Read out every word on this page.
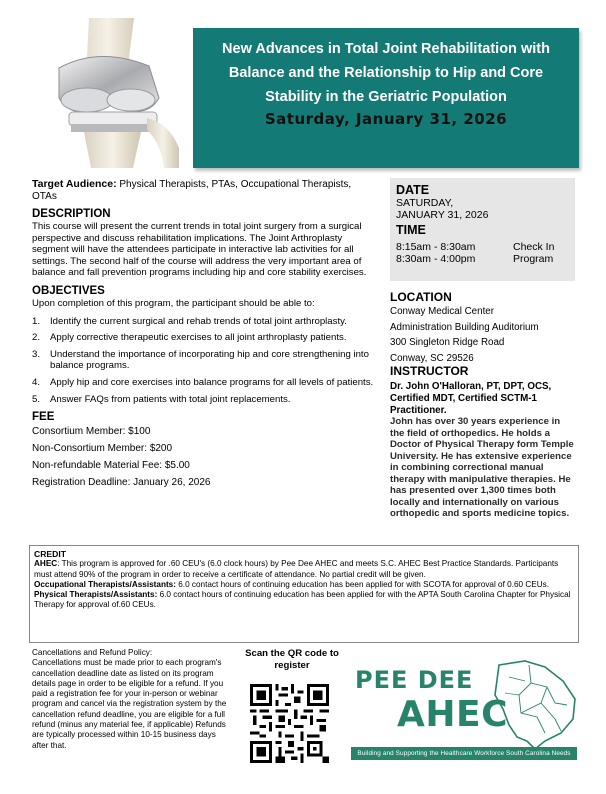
New Advances in Total Joint Rehabilitation with Balance and the Relationship to Hip and Core Stability in the Geriatric Population
Saturday, January 31, 2026
Target Audience: Physical Therapists, PTAs, Occupational Therapists, OTAs
DESCRIPTION
This course will present the current trends in total joint surgery from a surgical perspective and discuss rehabilitation implications. The Joint Arthroplasty segment will have the attendees participate in interactive lab activities for all settings. The second half of the course will address the very important area of balance and fall prevention programs including hip and core stability exercises.
OBJECTIVES
Upon completion of this program, the participant should be able to:
1.	Identify the current surgical and rehab trends of total joint arthroplasty.
2.	Apply corrective therapeutic exercises to all joint arthroplasty patients.
3.	Understand the importance of incorporating hip and core strengthening into balance programs.
4.	Apply hip and core exercises into balance programs for all levels of patients.
5.	Answer FAQs from patients with total joint replacements.
FEE
Consortium Member: $100
Non-Consortium Member: $200
Non-refundable Material Fee: $5.00
Registration Deadline: January 26, 2026
DATE
SATURDAY,
JANUARY 31, 2026
TIME
8:15am - 8:30am	Check In
8:30am - 4:00pm	Program
LOCATION
Conway Medical Center
Administration Building Auditorium
300 Singleton Ridge Road
Conway, SC 29526
INSTRUCTOR
Dr. John O'Halloran, PT, DPT, OCS, Certified MDT, Certified SCTM-1 Practitioner.
John has over 30 years experience in the field of orthopedics. He holds a Doctor of Physical Therapy form Temple University. He has extensive experience in combining correctional manual therapy with manipulative therapies. He has presented over 1,300 times both locally and internationally on various orthopedic and sports medicine topics.
CREDIT
AHEC: This program is approved for .60 CEU's (6.0 clock hours) by Pee Dee AHEC and meets S.C. AHEC Best Practice Standards. Participants must attend 90% of the program in order to receive a certificate of attendance. No partial credit will be given.
Occupational Therapists/Assistants: 6.0 contact hours of continuing education has been applied for with SCOTA for approval of 0.60 CEUs.
Physical Therapists/Assistants: 6.0 contact hours of continuing education has been applied for with the APTA South Carolina Chapter for Physical Therapy for approval of.60 CEUs.
Cancellations and Refund Policy:
Cancellations must be made prior to each program's cancellation deadline date as listed on its program details page in order to be eligible for a refund. If you paid a registration fee for your in-person or webinar program and cancel via the registration system by the cancellation refund deadline, you are eligible for a full refund (minus any material fee, if applicable) Refunds are typically processed within 10-15 business days after that.
Scan the QR code to register
PEE DEE
AHEC
Building and Supporting the Healthcare Workforce South Carolina Needs
